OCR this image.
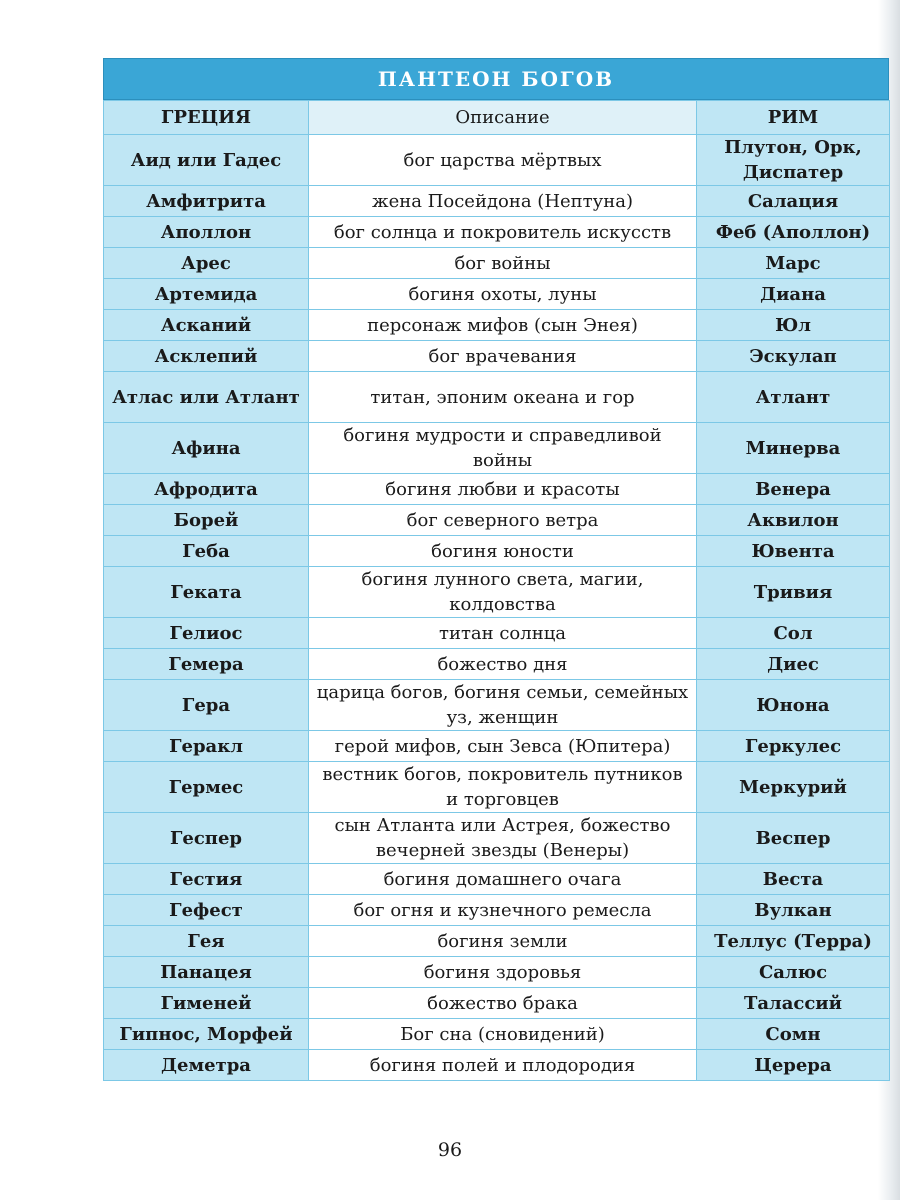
ПАНТЕОН БОГОВ
ГРЕЦИЯ	Описание	РИМ
Аид или Гадес	бог царства мёртвых	Плутон, Орк, Диспатер
Амфитрита	жена Посейдона (Нептуна)	Салация
Аполлон	бог солнца и покровитель искусств	Феб (Аполлон)
Арес	бог войны	Марс
Артемида	богиня охоты, луны	Диана
Асканий	персонаж мифов (сын Энея)	Юл
Асклепий	бог врачевания	Эскулап
Атлас или Атлант	титан, эпоним океана и гор	Атлант
Афина	богиня мудрости и справедливой войны	Минерва
Афродита	богиня любви и красоты	Венера
Борей	бог северного ветра	Аквилон
Геба	богиня юности	Ювента
Геката	богиня лунного света, магии, колдовства	Тривия
Гелиос	титан солнца	Сол
Гемера	божество дня	Диес
Гера	царица богов, богиня семьи, семейных уз, женщин	Юнона
Геракл	герой мифов, сын Зевса (Юпитера)	Геркулес
Гермес	вестник богов, покровитель путников и торговцев	Меркурий
Геспер	сын Атланта или Астрея, божество вечерней звезды (Венеры)	Веспер
Гестия	богиня домашнего очага	Веста
Гефест	бог огня и кузнечного ремесла	Вулкан
Гея	богиня земли	Теллус (Терра)
Панацея	богиня здоровья	Салюс
Гименей	божество брака	Талассий
Гипнос, Морфей	Бог сна (сновидений)	Сомн
Деметра	богиня полей и плодородия	Церера
96
